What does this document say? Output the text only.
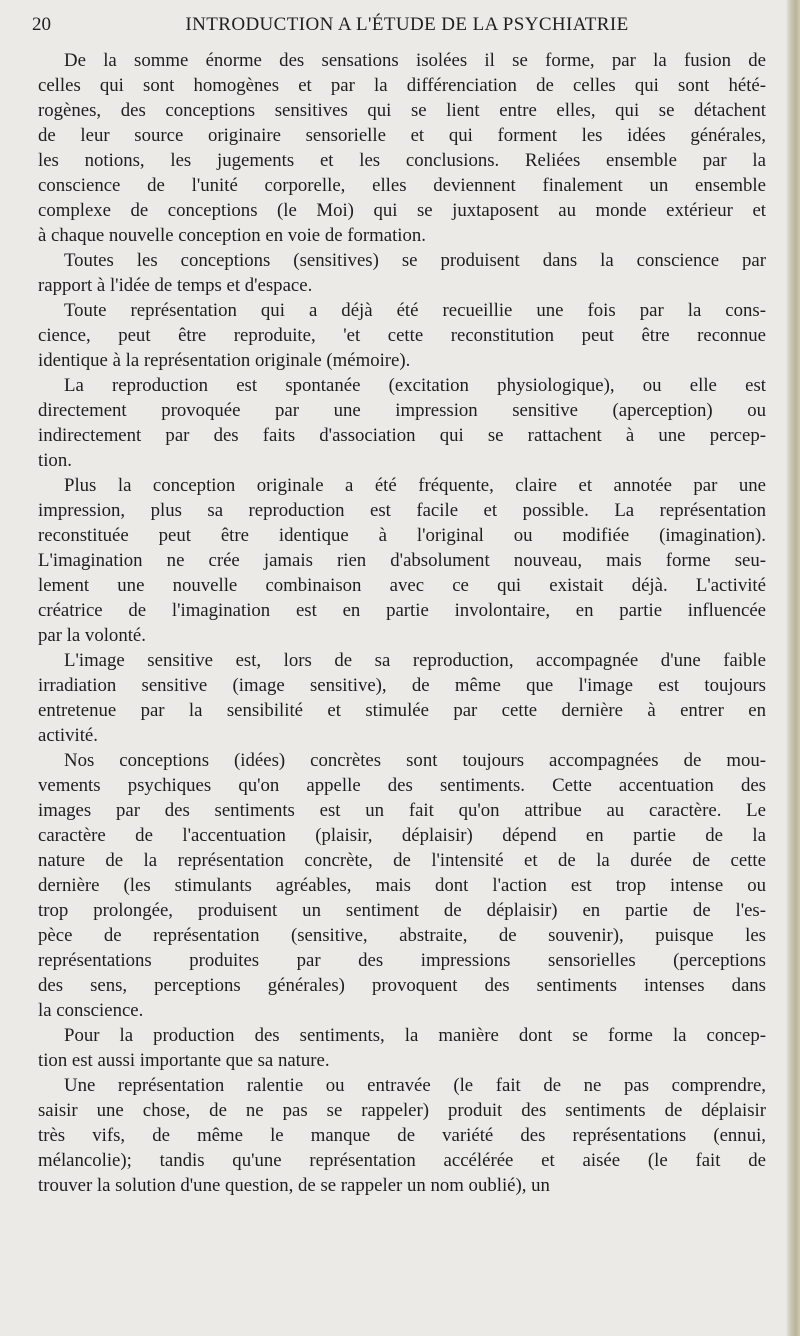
20	INTRODUCTION A L'ÉTUDE DE LA PSYCHIATRIE

De la somme énorme des sensations isolées il se forme, par la fusion de

celles qui sont homogènes et par la différenciation de celles qui sont hété-

rogènes, des conceptions sensitives qui se lient entre elles, qui se détachent

de leur source originaire sensorielle et qui forment les idées générales,

les notions, les jugements et les conclusions. Reliées ensemble par la

conscience de l'unité corporelle, elles deviennent finalement un ensemble

complexe de conceptions (le Moi) qui se juxtaposent au monde extérieur et

à chaque nouvelle conception en voie de formation.

Toutes les conceptions (sensitives) se produisent dans la conscience par

rapport à l'idée de temps et d'espace.

Toute représentation qui a déjà été recueillie une fois par la cons-

cience, peut être reproduite, 'et cette reconstitution peut être reconnue

identique à la représentation originale (mémoire).

La reproduction est spontanée (excitation physiologique), ou elle est

directement provoquée par une impression sensitive (aperception) ou

indirectement par des faits d'association qui se rattachent à une percep-

tion.

Plus la conception originale a été fréquente, claire et annotée par une

impression, plus sa reproduction est facile et possible. La représentation

reconstituée peut être identique à l'original ou modifiée (imagination).

L'imagination ne crée jamais rien d'absolument nouveau, mais forme seu-

lement une nouvelle combinaison avec ce qui existait déjà. L'activité

créatrice de l'imagination est en partie involontaire, en partie influencée

par la volonté.

L'image sensitive est, lors de sa reproduction, accompagnée d'une faible

irradiation sensitive (image sensitive), de même que l'image est toujours

entretenue par la sensibilité et stimulée par cette dernière à entrer en

activité.

Nos conceptions (idées) concrètes sont toujours accompagnées de mou-

vements psychiques qu'on appelle des sentiments. Cette accentuation des

images par des sentiments est un fait qu'on attribue au caractère. Le

caractère de l'accentuation (plaisir, déplaisir) dépend en partie de la

nature de la représentation concrète, de l'intensité et de la durée de cette

dernière (les stimulants agréables, mais dont l'action est trop intense ou

trop prolongée, produisent un sentiment de déplaisir) en partie de l'es-

pèce de représentation (sensitive, abstraite, de souvenir), puisque les

représentations produites par des impressions sensorielles (perceptions

des sens, perceptions générales) provoquent des sentiments intenses dans

la conscience.

Pour la production des sentiments, la manière dont se forme la concep-

tion est aussi importante que sa nature.

Une représentation ralentie ou entravée (le fait de ne pas comprendre,

saisir une chose, de ne pas se rappeler) produit des sentiments de déplaisir

très vifs, de même le manque de variété des représentations (ennui,

mélancolie); tandis qu'une représentation accélérée et aisée (le fait de

trouver la solution d'une question, de se rappeler un nom oublié), un
